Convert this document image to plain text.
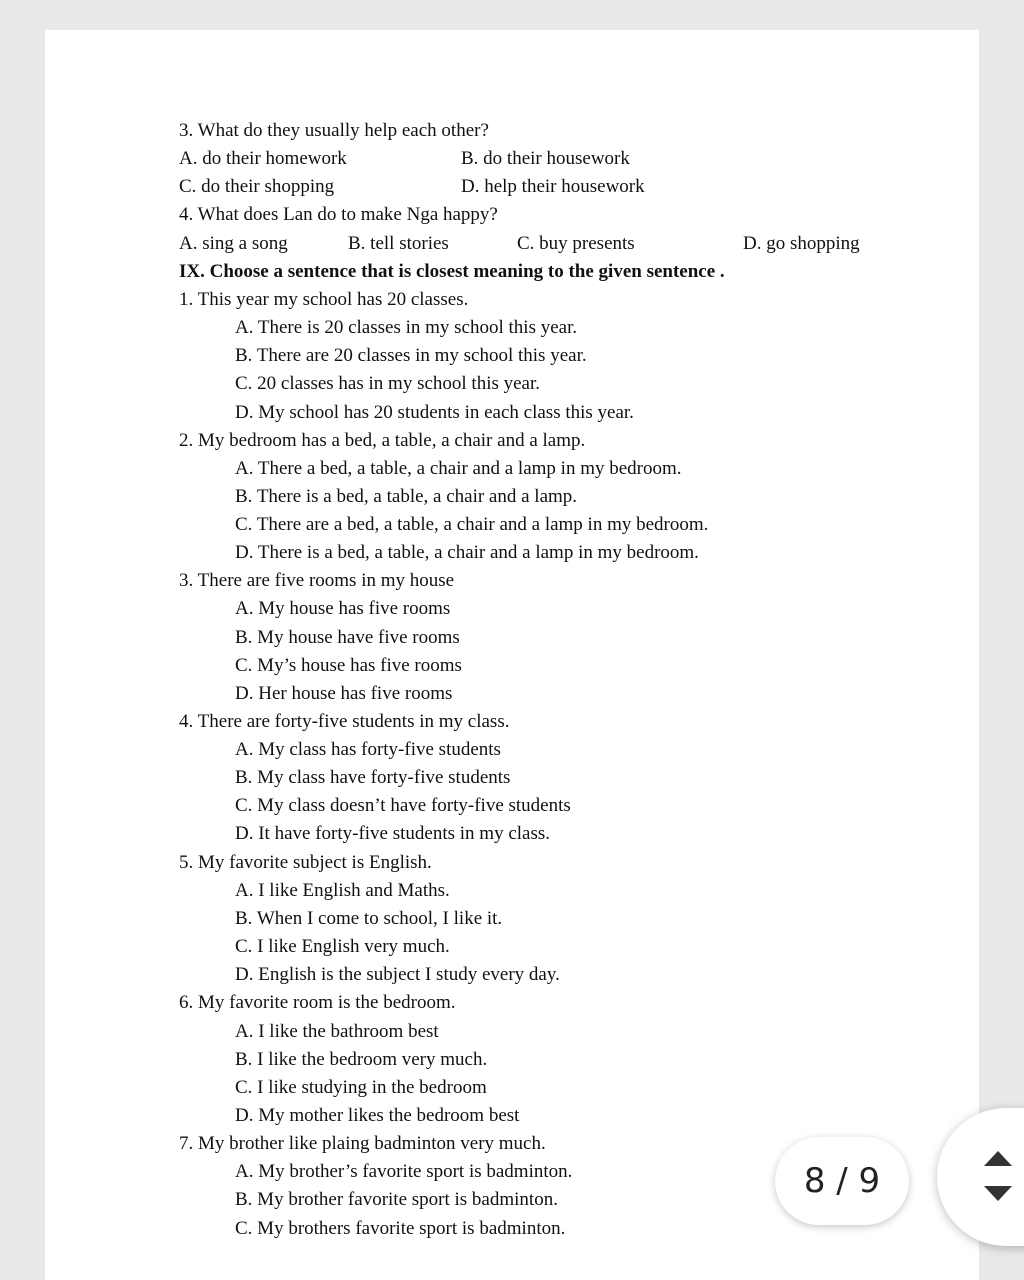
3. What do they usually help each other?
A. do their homework	B. do their housework
C. do their shopping	D. help their housework
4. What does Lan do to make Nga happy?
A. sing a song	B. tell stories	C. buy presents	D. go shopping
IX. Choose a sentence that is closest meaning to the given sentence .
1. This year my school has 20 classes.
A. There is 20 classes in my school this year.
B. There are 20 classes in my school this year.
C. 20 classes has in my school this year.
D. My school has 20 students in each class this year.
2. My bedroom has a bed, a table, a chair and a lamp.
A. There a bed, a table, a chair and a lamp in my bedroom.
B. There is a bed, a table, a chair and a lamp.
C. There are a bed, a table, a chair and a lamp in my bedroom.
D. There is a bed, a table, a chair and a lamp in my bedroom.
3. There are five rooms in my house
A. My house has five rooms
B. My house have five rooms
C. My’s house has five rooms
D. Her house has five rooms
4. There are forty-five students in my class.
A. My class has forty-five students
B. My class have forty-five students
C. My class doesn’t have forty-five students
D. It have forty-five students in my class.
5. My favorite subject is English.
A. I like English and Maths.
B. When I come to school, I like it.
C. I like English very much.
D. English is the subject I study every day.
6. My favorite room is the bedroom.
A. I like the bathroom best
B. I like the bedroom very much.
C. I like studying in the bedroom
D. My mother likes the bedroom best
7. My brother like plaing badminton very much.
A. My brother’s favorite sport is badminton.
B. My brother favorite sport is badminton.
C. My brothers favorite sport is badminton.
8 / 9
